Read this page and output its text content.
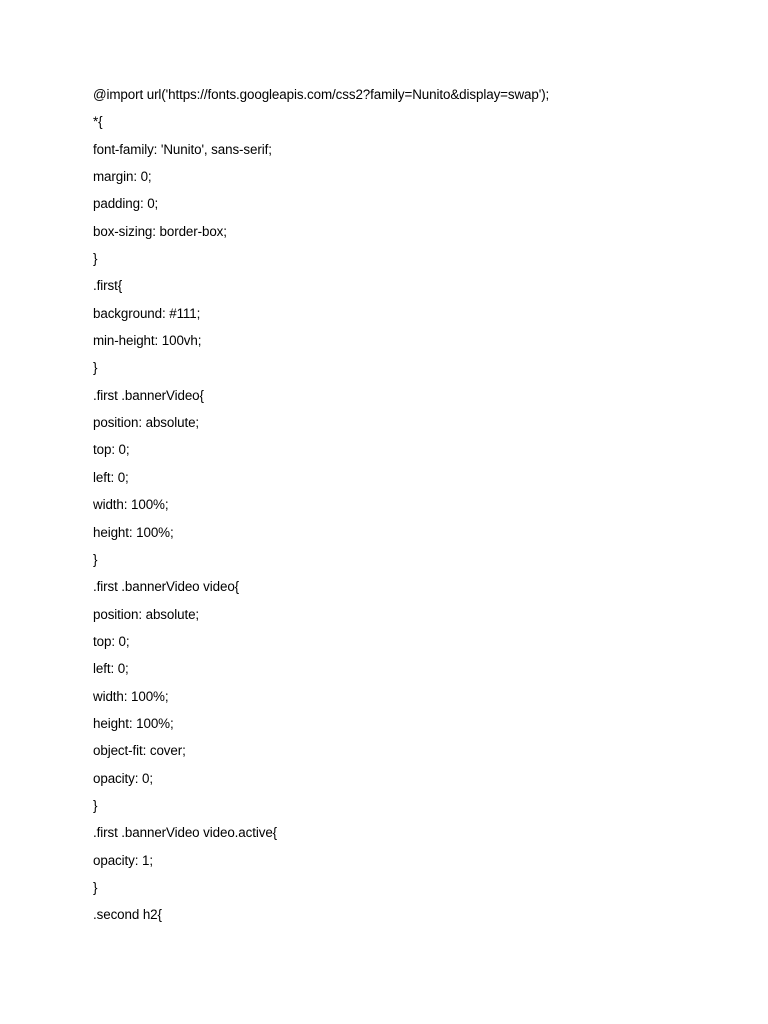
@import url('https://fonts.googleapis.com/css2?family=Nunito&display=swap');
*{
font-family: 'Nunito', sans-serif;
margin: 0;
padding: 0;
box-sizing: border-box;
}
.first{
background: #111;
min-height: 100vh;
}
.first .bannerVideo{
position: absolute;
top: 0;
left: 0;
width: 100%;
height: 100%;
}
.first .bannerVideo video{
position: absolute;
top: 0;
left: 0;
width: 100%;
height: 100%;
object-fit: cover;
opacity: 0;
}
.first .bannerVideo video.active{
opacity: 1;
}
.second h2{
